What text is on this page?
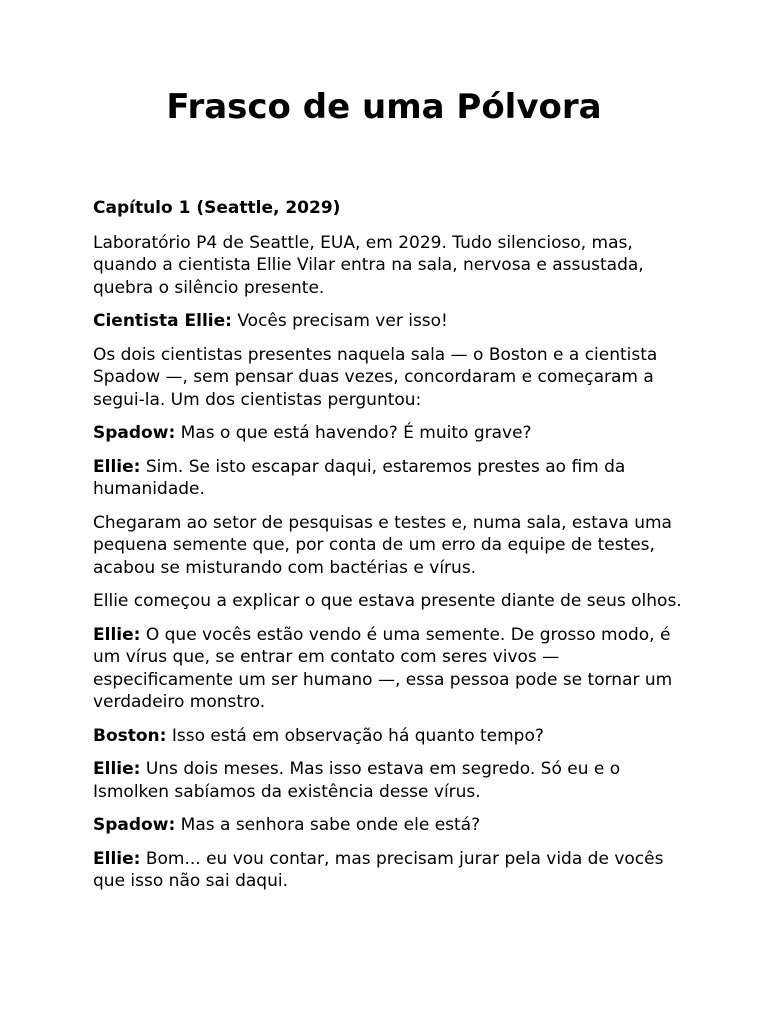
Frasco de uma Pólvora

Capítulo 1 (Seattle, 2029)

Laboratório P4 de Seattle, EUA, em 2029. Tudo silencioso, mas, quando a cientista Ellie Vilar entra na sala, nervosa e assustada, quebra o silêncio presente.

Cientista Ellie: Vocês precisam ver isso!

Os dois cientistas presentes naquela sala — o Boston e a cientista Spadow —, sem pensar duas vezes, concordaram e começaram a segui-la. Um dos cientistas perguntou:

Spadow: Mas o que está havendo? É muito grave?

Ellie: Sim. Se isto escapar daqui, estaremos prestes ao fim da humanidade.

Chegaram ao setor de pesquisas e testes e, numa sala, estava uma pequena semente que, por conta de um erro da equipe de testes, acabou se misturando com bactérias e vírus.

Ellie começou a explicar o que estava presente diante de seus olhos.

Ellie: O que vocês estão vendo é uma semente. De grosso modo, é um vírus que, se entrar em contato com seres vivos — especificamente um ser humano —, essa pessoa pode se tornar um verdadeiro monstro.

Boston: Isso está em observação há quanto tempo?

Ellie: Uns dois meses. Mas isso estava em segredo. Só eu e o Ismolken sabíamos da existência desse vírus.

Spadow: Mas a senhora sabe onde ele está?

Ellie: Bom... eu vou contar, mas precisam jurar pela vida de vocês que isso não sai daqui.
